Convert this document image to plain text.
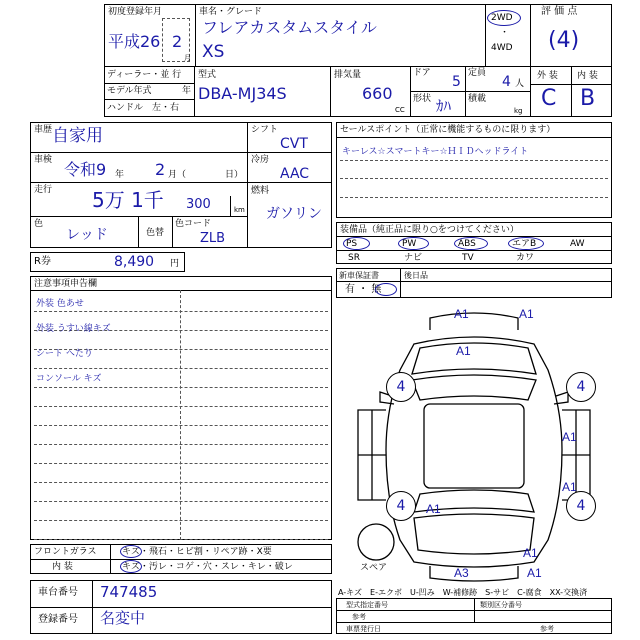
初度登録年月
平成26 2
月
車名・グレード
フレアカスタムスタイル
XS
2WD
・
4WD
評 価 点
(4)
外 装 内 装
C B
ディーラー・並 行
モデル年式	年
ハンドル　左・右
型式
DBA-MJ34S
排気量
660
CC
ドア
5
定員
4 人
形状 ｶﾊ 積載
kg
車歴 自家用
車検 令和9 年 2 月（	日）
走行 5万 1千 300	km
色
レッド	色替
色コード
ZLB
シフト
CVT
冷房
AAC
燃料
ガソリン
R券	8,490 円
セールスポイント（正常に機能するものに限ります）
キーレス☆スマートキー☆ＨＩＤヘッドライト
装備品（純正品に限り○をつけてください）
PS	PW	ABS	エアB	AW
SR	ナビ	TV	カワ
新車保証書
有 ・ 無
後日品
注意事項申告欄
外装 色あせ
外装 うすい線キズ
シート へたり
コンソール キズ
A1	A1
A1
4	4
A1
4	4
A1
A1
A1
A3	A1
スペア
A-キズ　E-エクボ　U-凹み　W-補修跡　S-サビ　C-腐食　XX-交換済
フロントガラス	キズ・飛石・ヒビ割・リペア跡・X要
内 装	キズ・汚レ・コゲ・穴・スレ・キレ・破レ
車台番号 747485
登録番号 名変中
型式指定番号	類別区分番号
参考
車票発行日	参考
